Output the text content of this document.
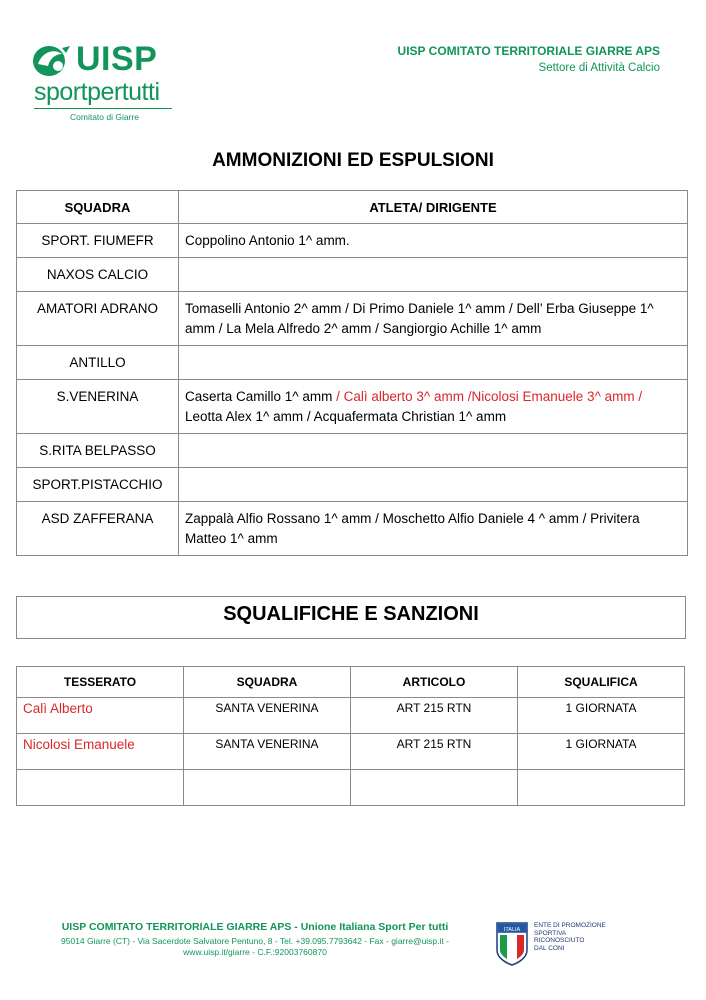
UISP
sportpertutti
Comitato di Giarre
UISP COMITATO TERRITORIALE GIARRE APS
Settore di Attività Calcio
AMMONIZIONI ED ESPULSIONI
SQUADRA	ATLETA/ DIRIGENTE
SPORT. FIUMEFR	Coppolino Antonio 1^ amm.
NAXOS CALCIO	
AMATORI ADRANO	Tomaselli Antonio 2^ amm / Di Primo Daniele 1^ amm / Dell’ Erba Giuseppe 1^ amm / La Mela Alfredo 2^ amm / Sangiorgio Achille 1^ amm
ANTILLO	
S.VENERINA	Caserta Camillo 1^ amm / Calì alberto 3^ amm /Nicolosi Emanuele 3^ amm / Leotta Alex 1^ amm / Acquafermata Christian 1^ amm
S.RITA BELPASSO	
SPORT.PISTACCHIO	
ASD ZAFFERANA	Zappalà Alfio Rossano 1^ amm / Moschetto Alfio Daniele 4 ^ amm / Privitera Matteo 1^ amm
SQUALIFICHE E SANZIONI
TESSERATO	SQUADRA	ARTICOLO	SQUALIFICA
Calì Alberto	SANTA VENERINA	ART 215 RTN	1 GIORNATA
Nicolosi Emanuele	SANTA VENERINA	ART 215 RTN	1 GIORNATA

UISP COMITATO TERRITORIALE GIARRE APS - Unione Italiana Sport Per tutti
95014 Giarre (CT) - Via Sacerdote Salvatore Pentuno, 8 - Tel. +39.095.7793642 - Fax - giarre@uisp.it - www.uisp.it/giarre - C.F.:92003760870
ITALIA
ENTE DI PROMOZIONE
SPORTIVA
RICONOSCIUTO
DAL CONI
